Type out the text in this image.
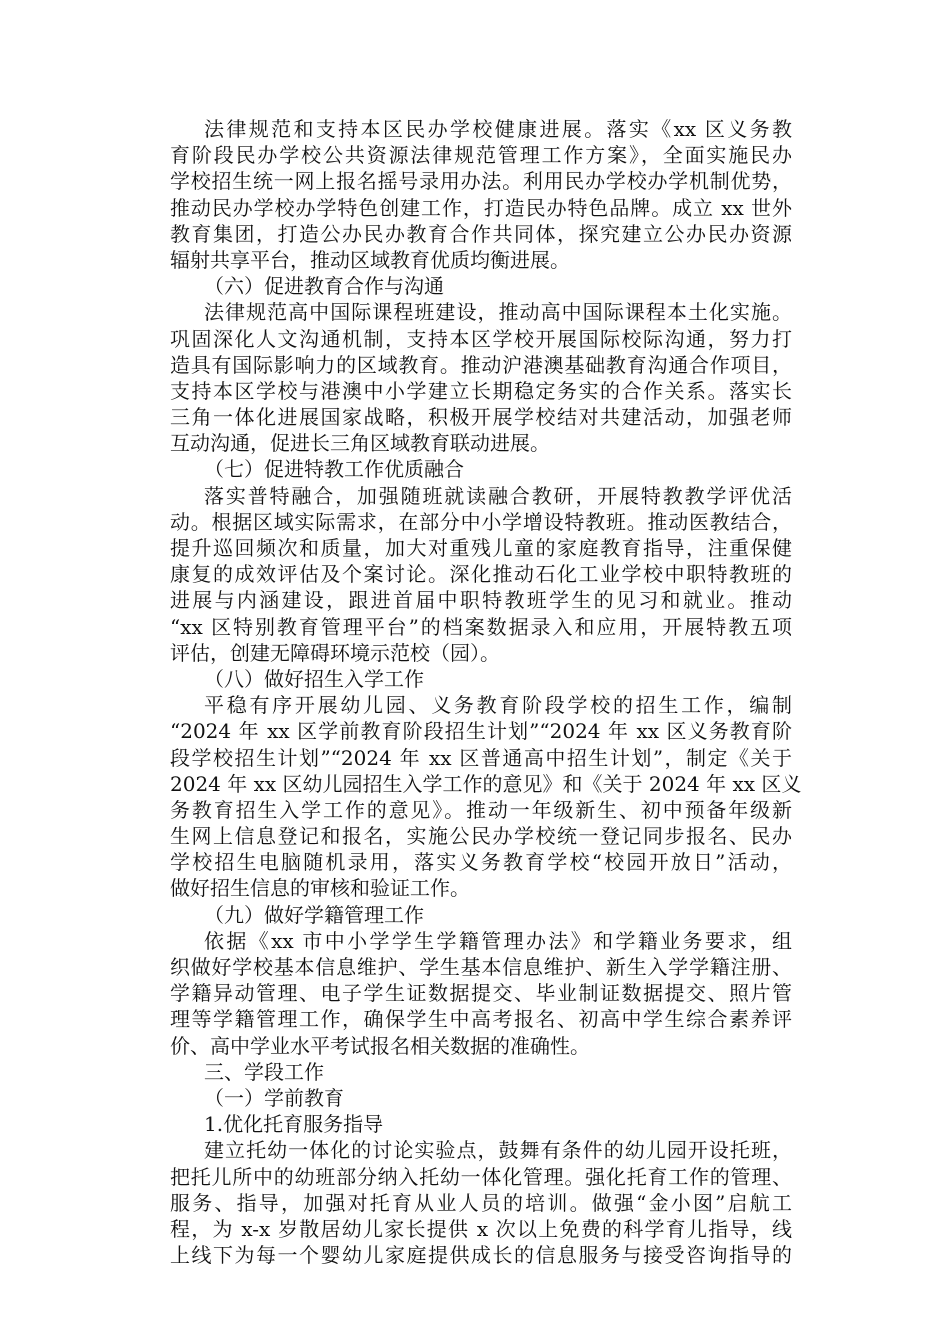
法律规范和支持本区民办学校健康进展。落实《xx 区义务教
育阶段民办学校公共资源法律规范管理工作方案》，全面实施民办
学校招生统一网上报名摇号录用办法。利用民办学校办学机制优势，
推动民办学校办学特色创建工作，打造民办特色品牌。成立 xx 世外
教育集团，打造公办民办教育合作共同体，探究建立公办民办资源
辐射共享平台，推动区域教育优质均衡进展。
（六）促进教育合作与沟通
法律规范高中国际课程班建设，推动高中国际课程本土化实施。
巩固深化人文沟通机制，支持本区学校开展国际校际沟通，努力打
造具有国际影响力的区域教育。推动沪港澳基础教育沟通合作项目，
支持本区学校与港澳中小学建立长期稳定务实的合作关系。落实长
三角一体化进展国家战略，积极开展学校结对共建活动，加强老师
互动沟通，促进长三角区域教育联动进展。
（七）促进特教工作优质融合
落实普特融合，加强随班就读融合教研，开展特教教学评优活
动。根据区域实际需求，在部分中小学增设特教班。推动医教结合，
提升巡回频次和质量，加大对重残儿童的家庭教育指导，注重保健
康复的成效评估及个案讨论。深化推动石化工业学校中职特教班的
进展与内涵建设，跟进首届中职特教班学生的见习和就业。推动
“xx 区特别教育管理平台”的档案数据录入和应用，开展特教五项
评估，创建无障碍环境示范校（园）。
（八）做好招生入学工作
平稳有序开展幼儿园、义务教育阶段学校的招生工作，编制
“2024 年 xx 区学前教育阶段招生计划”“2024 年 xx 区义务教育阶
段学校招生计划”“2024 年 xx 区普通高中招生计划”，制定《关于
2024 年 xx 区幼儿园招生入学工作的意见》和《关于 2024 年 xx 区义
务教育招生入学工作的意见》。推动一年级新生、初中预备年级新
生网上信息登记和报名，实施公民办学校统一登记同步报名、民办
学校招生电脑随机录用，落实义务教育学校“校园开放日”活动，
做好招生信息的审核和验证工作。
（九）做好学籍管理工作
依据《xx 市中小学学生学籍管理办法》和学籍业务要求，组
织做好学校基本信息维护、学生基本信息维护、新生入学学籍注册、
学籍异动管理、电子学生证数据提交、毕业制证数据提交、照片管
理等学籍管理工作，确保学生中高考报名、初高中学生综合素养评
价、高中学业水平考试报名相关数据的准确性。
三、学段工作
（一）学前教育
1.优化托育服务指导
建立托幼一体化的讨论实验点，鼓舞有条件的幼儿园开设托班，
把托儿所中的幼班部分纳入托幼一体化管理。强化托育工作的管理、
服务、指导，加强对托育从业人员的培训。做强“金小囡”启航工
程，为 x-x 岁散居幼儿家长提供 x 次以上免费的科学育儿指导，线
上线下为每一个婴幼儿家庭提供成长的信息服务与接受咨询指导的
